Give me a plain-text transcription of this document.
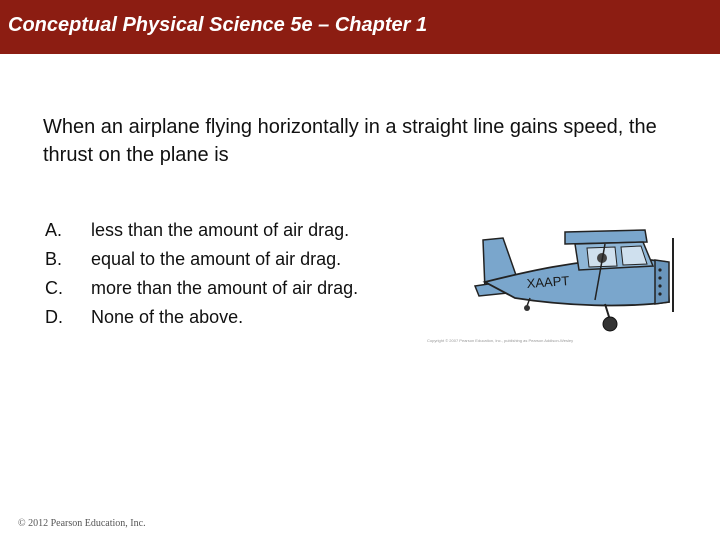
Conceptual Physical Science 5e – Chapter 1
When an airplane flying horizontally in a straight line gains speed, the thrust on the plane is
A. less than the amount of air drag.
B. equal to the amount of air drag.
C. more than the amount of air drag.
D. None of the above.
XAAPT
Copyright © 2007 Pearson Education, Inc., publishing as Pearson Addison-Wesley
© 2012 Pearson Education, Inc.
